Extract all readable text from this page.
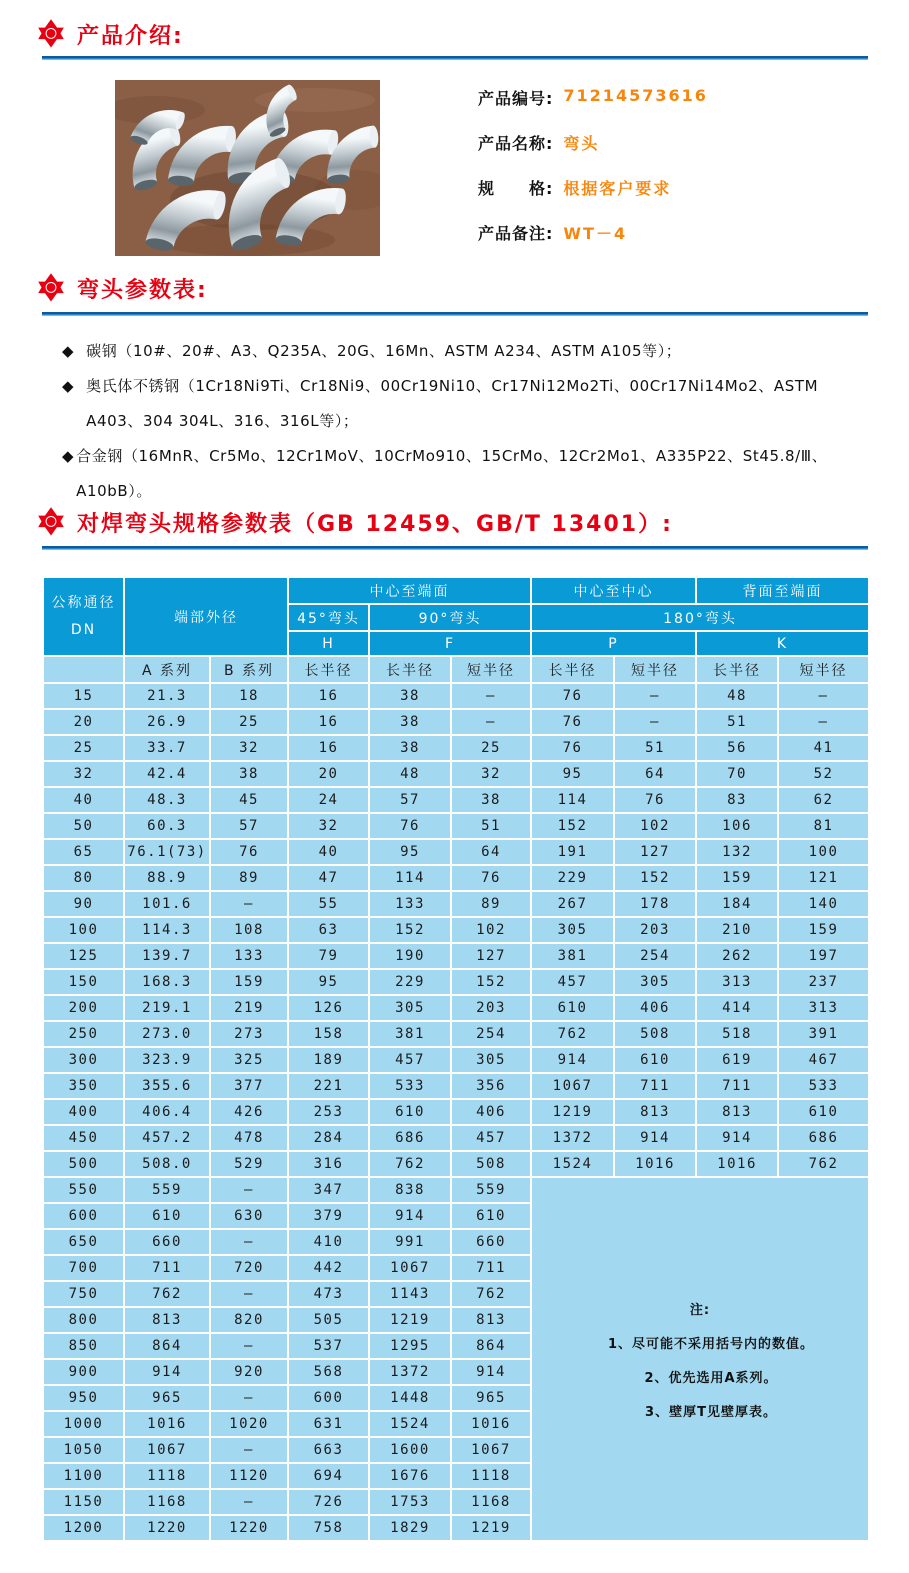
产品介绍:
产品编号: 71214573616
产品名称: 弯头
规　　格: 根据客户要求
产品备注: WT－4
弯头参数表:
◆ 碳钢（10#、20#、A3、Q235A、20G、16Mn、ASTM A234、ASTM A105等）；
◆ 奥氏体不锈钢（1Cr18Ni9Ti、Cr18Ni9、00Cr19Ni10、Cr17Ni12Mo2Ti、00Cr17Ni14Mo2、ASTM A403、304 304L、316、316L等）；
◆ 合金钢（16MnR、Cr5Mo、12Cr1MoV、10CrMo910、15CrMo、12Cr2Mo1、A335P22、St45.8/Ⅲ、A10bB）。
对焊弯头规格参数表（GB 12459、GB/T 13401）:
公称通径
DN	端部外径		中心至端面			中心至中心		背面至端面	
			45°弯头	90°弯头		180°弯头			
			H	F		P		K	
	A 系列	B 系列	长半径	长半径	短半径	长半径	短半径	长半径	短半径
15	21.3	18	16	38	—	76	—	48	—
20	26.9	25	16	38	—	76	—	51	—
25	33.7	32	16	38	25	76	51	56	41
32	42.4	38	20	48	32	95	64	70	52
40	48.3	45	24	57	38	114	76	83	62
50	60.3	57	32	76	51	152	102	106	81
65	76.1(73)	76	40	95	64	191	127	132	100
80	88.9	89	47	114	76	229	152	159	121
90	101.6	—	55	133	89	267	178	184	140
100	114.3	108	63	152	102	305	203	210	159
125	139.7	133	79	190	127	381	254	262	197
150	168.3	159	95	229	152	457	305	313	237
200	219.1	219	126	305	203	610	406	414	313
250	273.0	273	158	381	254	762	508	518	391
300	323.9	325	189	457	305	914	610	619	467
350	355.6	377	221	533	356	1067	711	711	533
400	406.4	426	253	610	406	1219	813	813	610
450	457.2	478	284	686	457	1372	914	914	686
500	508.0	529	316	762	508	1524	1016	1016	762
550	559	—	347	838	559	注:
1、尽可能不采用括号内的数值。
2、优先选用A系列。
3、壁厚T见壁厚表。			

600	610	630	379	914	610				
650	660	—	410	991	660				
700	711	720	442	1067	711				
750	762	—	473	1143	762				
800	813	820	505	1219	813				
850	864	—	537	1295	864				
900	914	920	568	1372	914				
950	965	—	600	1448	965				
1000	1016	1020	631	1524	1016				
1050	1067	—	663	1600	1067				
1100	1118	1120	694	1676	1118				
1150	1168	—	726	1753	1168				
1200	1220	1220	758	1829	1219				
